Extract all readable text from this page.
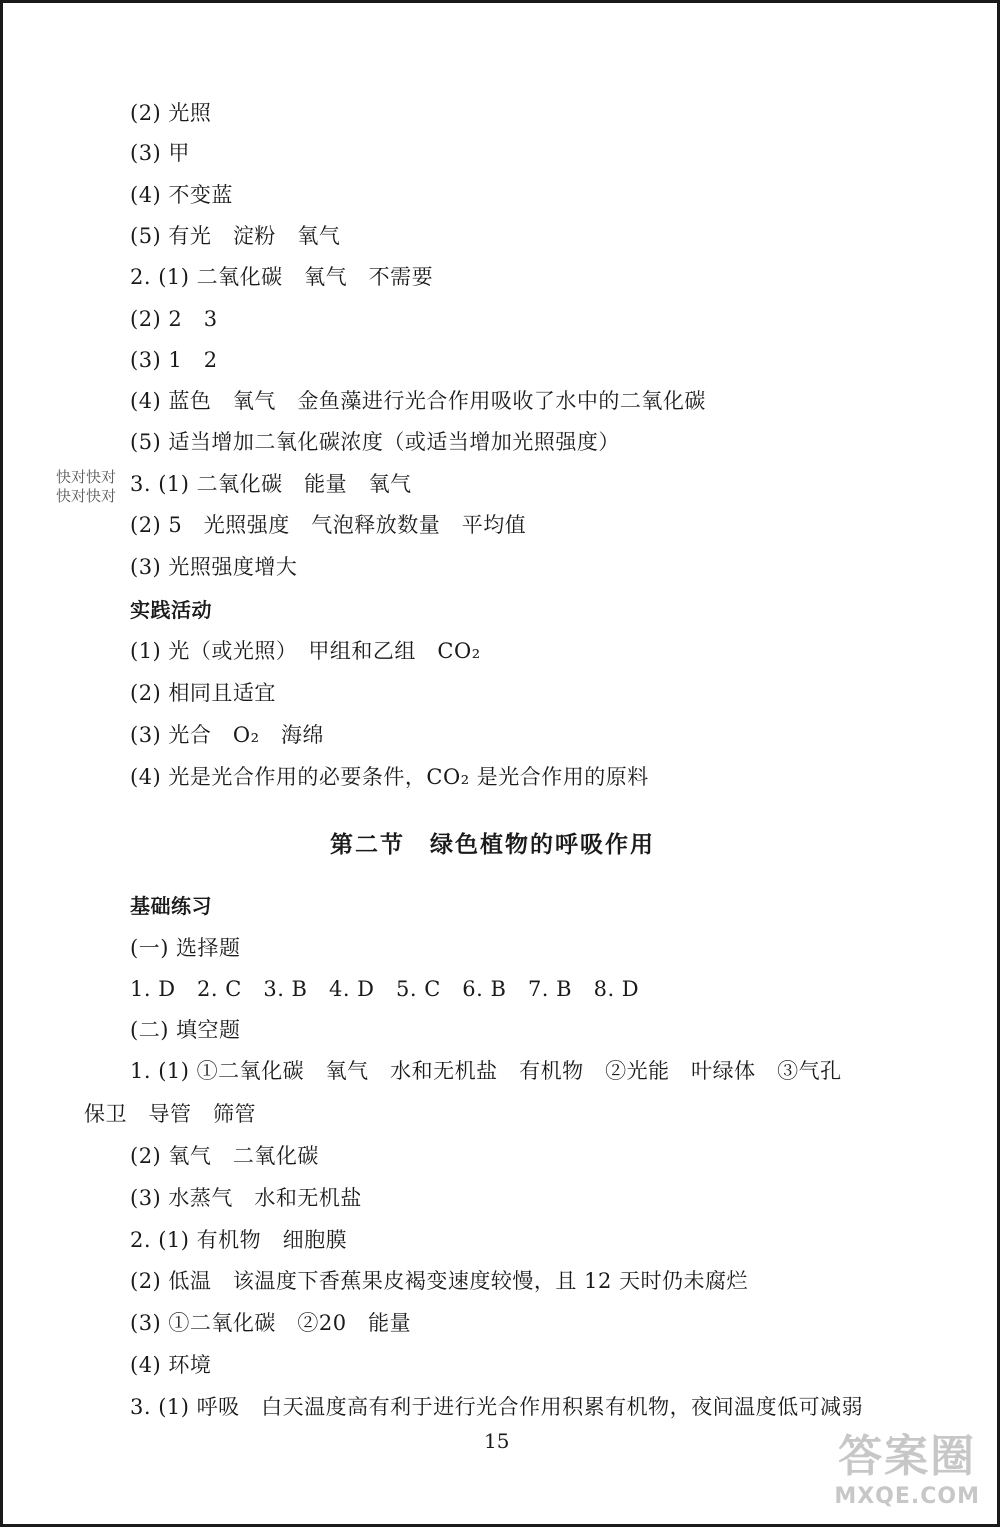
(2) 光照
(3) 甲
(4) 不变蓝
(5) 有光　淀粉　氧气
2. (1) 二氧化碳　氧气　不需要
(2) 2　3
(3) 1　2
(4) 蓝色　氧气　金鱼藻进行光合作用吸收了水中的二氧化碳
(5) 适当增加二氧化碳浓度（或适当增加光照强度）
3. (1) 二氧化碳　能量　氧气
(2) 5　光照强度　气泡释放数量　平均值
(3) 光照强度增大
实践活动
(1) 光（或光照）　甲组和乙组　CO₂
(2) 相同且适宜
(3) 光合　O₂　海绵
(4) 光是光合作用的必要条件，CO₂ 是光合作用的原料
第二节　绿色植物的呼吸作用
基础练习
(一) 选择题
1. D　2. C　3. B　4. D　5. C　6. B　7. B　8. D
(二) 填空题
1. (1) ①二氧化碳　氧气　水和无机盐　有机物　②光能　叶绿体　③气孔
保卫　导管　筛管
(2) 氧气　二氧化碳
(3) 水蒸气　水和无机盐
2. (1) 有机物　细胞膜
(2) 低温　该温度下香蕉果皮褐变速度较慢，且 12 天时仍未腐烂
(3) ①二氧化碳　②20　能量
(4) 环境
3. (1) 呼吸　白天温度高有利于进行光合作用积累有机物，夜间温度低可减弱
15
快对快对
快对快对
答案圈
MXQE.COM
